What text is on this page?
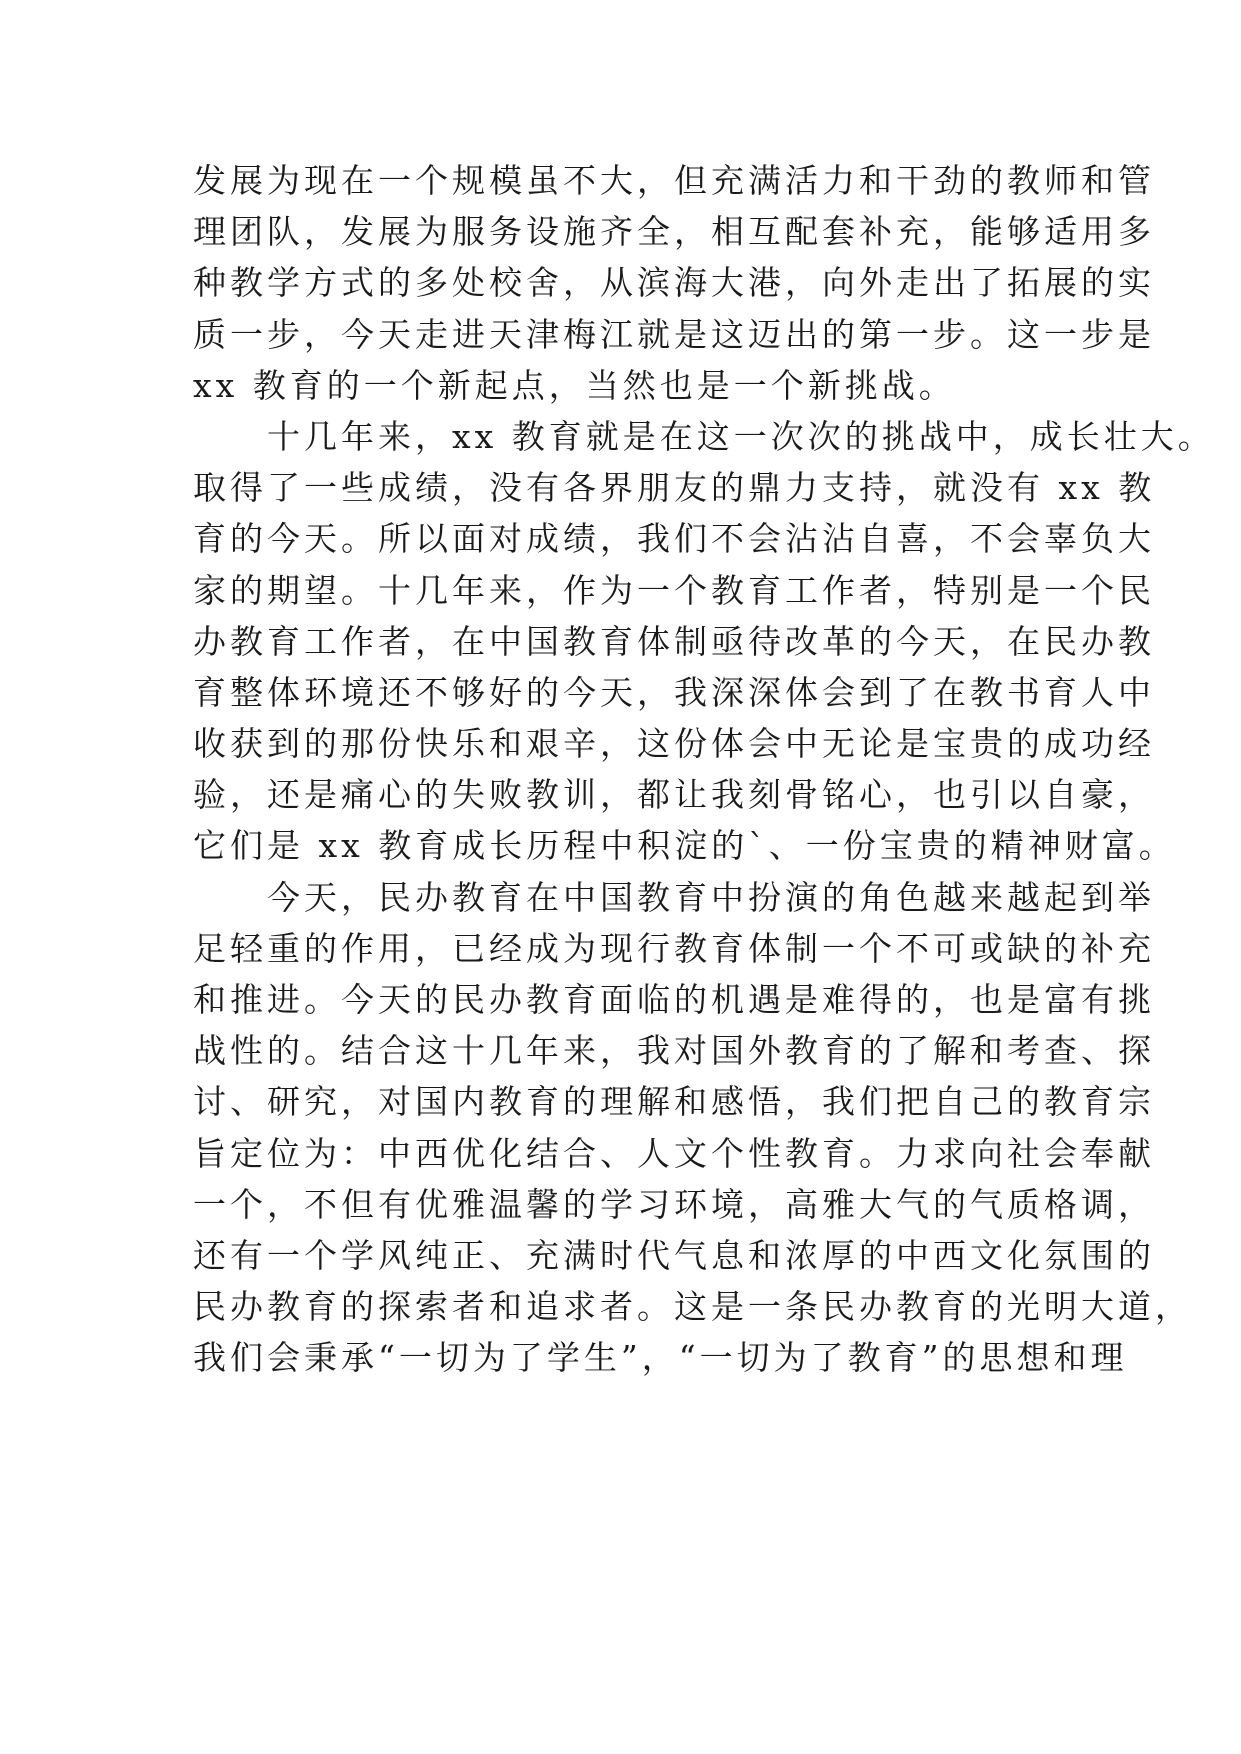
发展为现在一个规模虽不大，但充满活力和干劲的教师和管
理团队，发展为服务设施齐全，相互配套补充，能够适用多
种教学方式的多处校舍，从滨海大港，向外走出了拓展的实
质一步，今天走进天津梅江就是这迈出的第一步。这一步是
xx 教育的一个新起点，当然也是一个新挑战。
　　十几年来，xx 教育就是在这一次次的挑战中，成长壮大。
取得了一些成绩，没有各界朋友的鼎力支持，就没有 xx 教
育的今天。所以面对成绩，我们不会沾沾自喜，不会辜负大
家的期望。十几年来，作为一个教育工作者，特别是一个民
办教育工作者，在中国教育体制亟待改革的今天，在民办教
育整体环境还不够好的今天，我深深体会到了在教书育人中
收获到的那份快乐和艰辛，这份体会中无论是宝贵的成功经
验，还是痛心的失败教训，都让我刻骨铭心，也引以自豪，
它们是 xx 教育成长历程中积淀的`、一份宝贵的精神财富。
　　今天，民办教育在中国教育中扮演的角色越来越起到举
足轻重的作用，已经成为现行教育体制一个不可或缺的补充
和推进。今天的民办教育面临的机遇是难得的，也是富有挑
战性的。结合这十几年来，我对国外教育的了解和考查、探
讨、研究，对国内教育的理解和感悟，我们把自己的教育宗
旨定位为：中西优化结合、人文个性教育。力求向社会奉献
一个，不但有优雅温馨的学习环境，高雅大气的气质格调，
还有一个学风纯正、充满时代气息和浓厚的中西文化氛围的
民办教育的探索者和追求者。这是一条民办教育的光明大道，
我们会秉承“一切为了学生”，“一切为了教育”的思想和理
